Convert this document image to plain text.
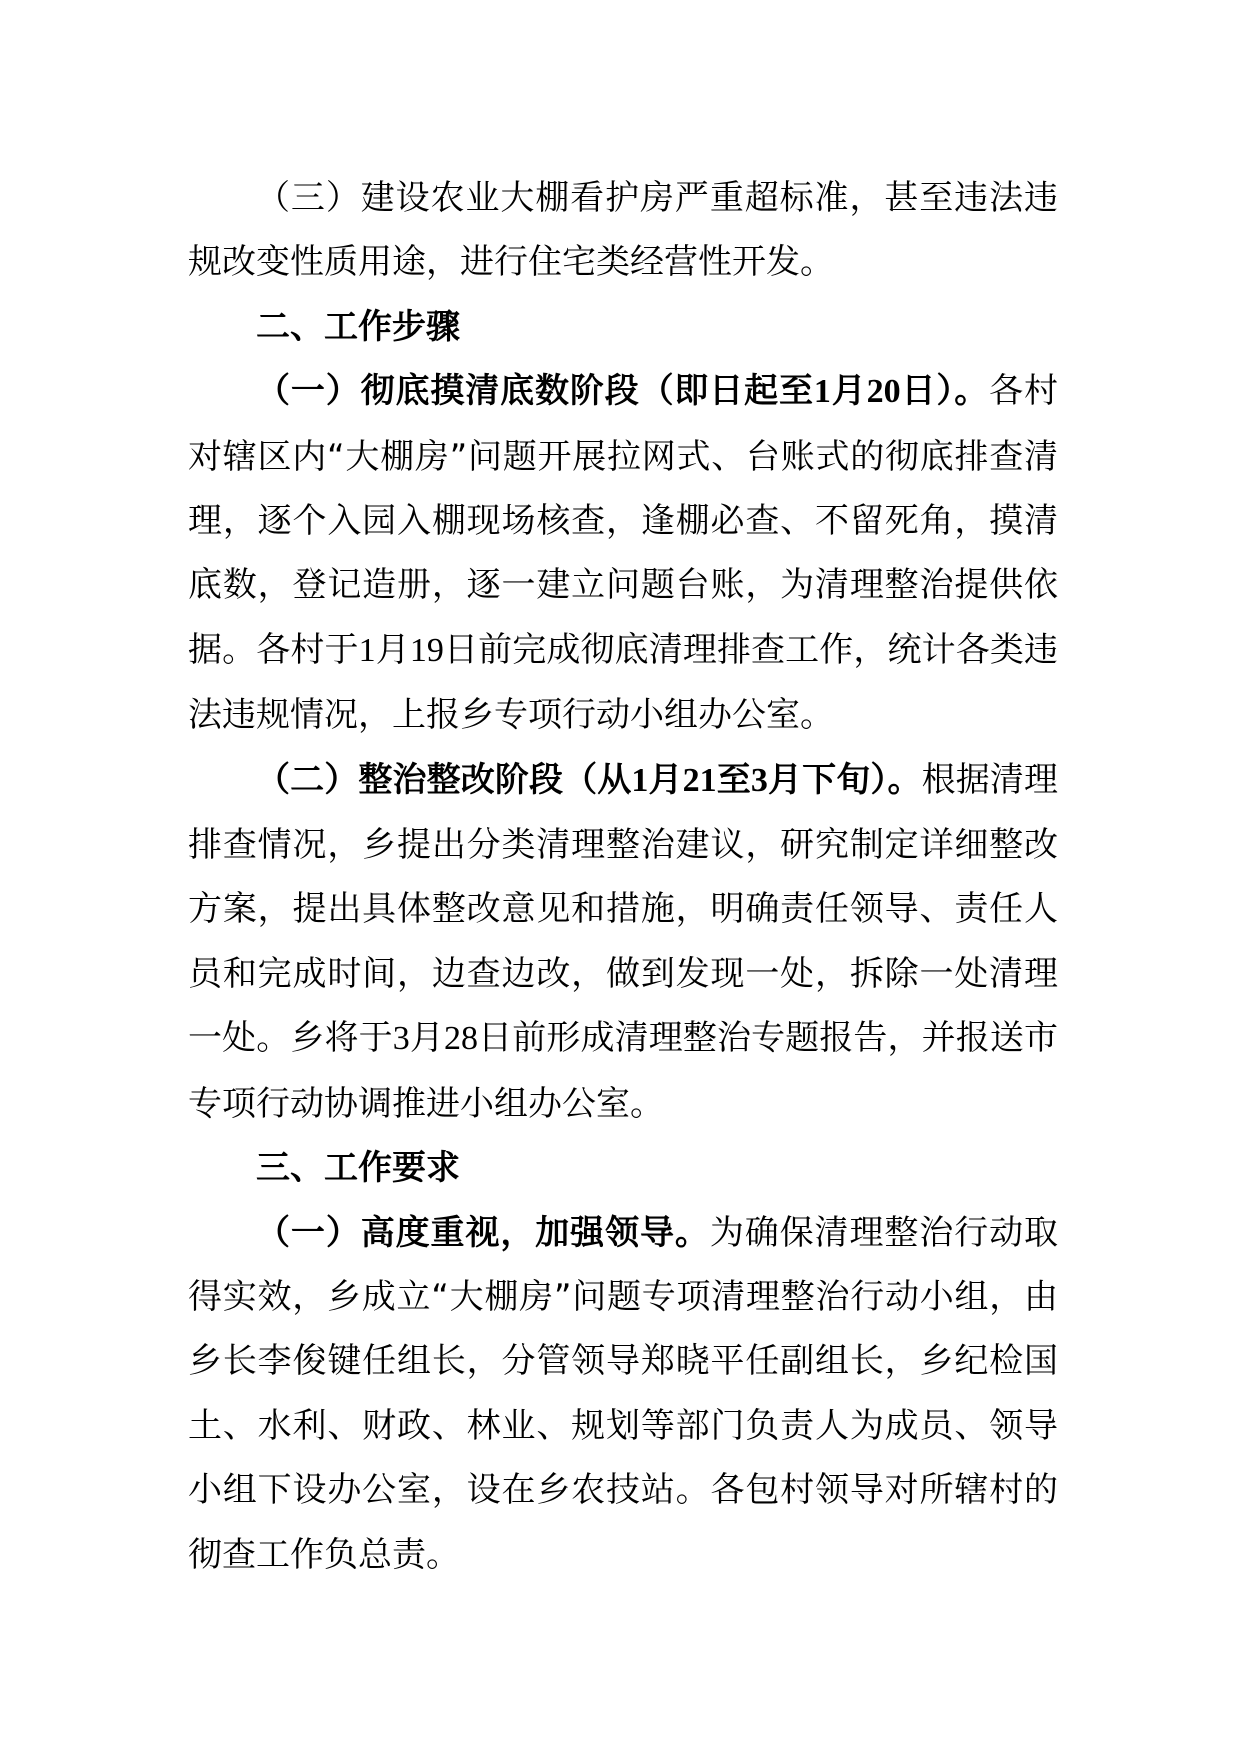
（三）建设农业大棚看护房严重超标准，甚至违法违规改变性质用途，进行住宅类经营性开发。

二、工作步骤

（一）彻底摸清底数阶段（即日起至1月20日）。各村对辖区内“大棚房”问题开展拉网式、台账式的彻底排查清理，逐个入园入棚现场核查，逢棚必查、不留死角，摸清底数，登记造册，逐一建立问题台账，为清理整治提供依据。各村于1月19日前完成彻底清理排查工作，统计各类违法违规情况，上报乡专项行动小组办公室。

（二）整治整改阶段（从1月21至3月下旬）。根据清理排查情况，乡提出分类清理整治建议，研究制定详细整改方案，提出具体整改意见和措施，明确责任领导、责任人员和完成时间，边查边改，做到发现一处，拆除一处清理一处。乡将于3月28日前形成清理整治专题报告，并报送市专项行动协调推进小组办公室。

三、工作要求

（一）高度重视，加强领导。为确保清理整治行动取得实效，乡成立“大棚房”问题专项清理整治行动小组，由乡长李俊键任组长，分管领导郑晓平任副组长，乡纪检国土、水利、财政、林业、规划等部门负责人为成员、领导小组下设办公室，设在乡农技站。各包村领导对所辖村的彻查工作负总责。
